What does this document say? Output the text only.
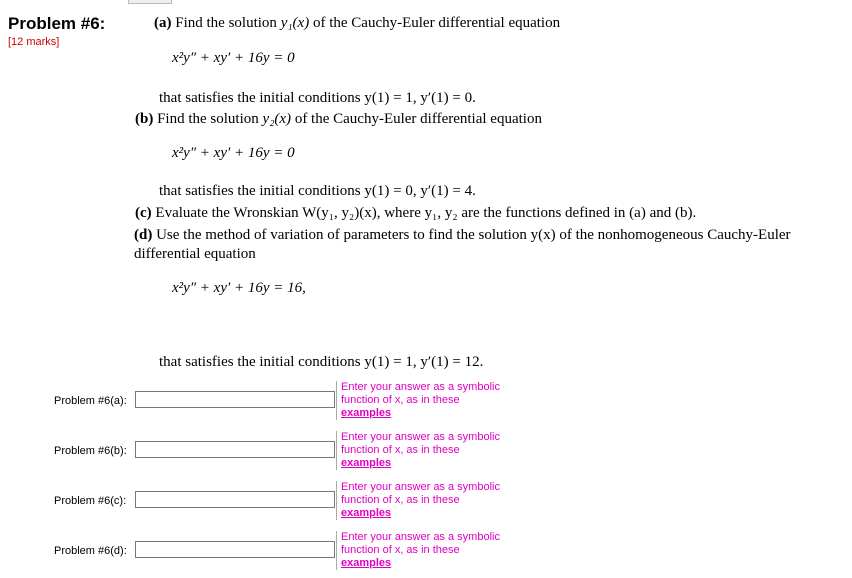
Problem #6:
[12 marks]
(a) Find the solution y₁(x) of the Cauchy-Euler differential equation
x²y″ + xy′ + 16y = 0
that satisfies the initial conditions y(1) = 1, y′(1) = 0.
(b) Find the solution y₂(x) of the Cauchy-Euler differential equation
x²y″ + xy′ + 16y = 0
that satisfies the initial conditions y(1) = 0, y′(1) = 4.
(c) Evaluate the Wronskian W(y₁, y₂)(x), where y₁, y₂ are the functions defined in (a) and (b).
(d) Use the method of variation of parameters to find the solution y(x) of the nonhomogeneous Cauchy-Euler differential equation
x²y″ + xy′ + 16y = 16,
that satisfies the initial conditions y(1) = 1, y′(1) = 12.
Problem #6(a):
Enter your answer as a symbolic function of x, as in these
examples
Problem #6(b):
Enter your answer as a symbolic function of x, as in these
examples
Problem #6(c):
Enter your answer as a symbolic function of x, as in these
examples
Problem #6(d):
Enter your answer as a symbolic function of x, as in these
examples
